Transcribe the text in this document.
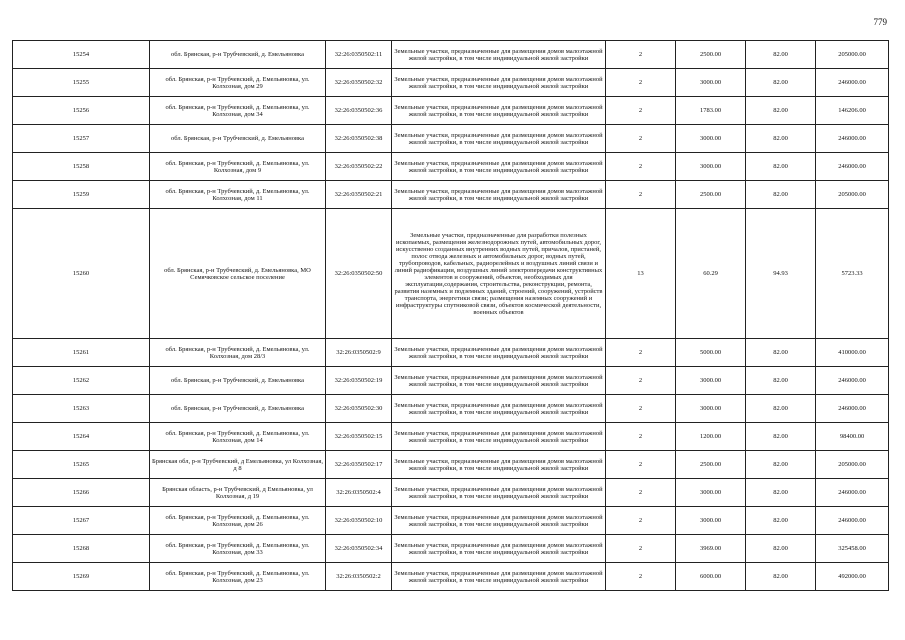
779
15254	обл. Брянская, р-н Трубчевский, д. Емельяновка	32:26:0350502:11	Земельные участки, предназначенные для размещения домов малоэтажной жилой застройки, в том числе индивидуальной жилой застройки	2	2500.00	82.00	205000.00
15255	обл. Брянская, р-н Трубчевский, д. Емельяновка, ул. Колхозная, дом 29	32:26:0350502:32	Земельные участки, предназначенные для размещения домов малоэтажной жилой застройки, в том числе индивидуальной жилой застройки	2	3000.00	82.00	246000.00
15256	обл. Брянская, р-н Трубчевский, д. Емельяновка, ул. Колхозная, дом 34	32:26:0350502:36	Земельные участки, предназначенные для размещения домов малоэтажной жилой застройки, в том числе индивидуальной жилой застройки	2	1783.00	82.00	146206.00
15257	обл. Брянская, р-н Трубчевский, д. Емельяновка	32:26:0350502:38	Земельные участки, предназначенные для размещения домов малоэтажной жилой застройки, в том числе индивидуальной жилой застройки	2	3000.00	82.00	246000.00
15258	обл. Брянская, р-н Трубчевский, д. Емельяновка, ул. Колхозная, дом 9	32:26:0350502:22	Земельные участки, предназначенные для размещения домов малоэтажной жилой застройки, в том числе индивидуальной жилой застройки	2	3000.00	82.00	246000.00
15259	обл. Брянская, р-н Трубчевский, д. Емельяновка, ул. Колхозная, дом 11	32:26:0350502:21	Земельные участки, предназначенные для размещения домов малоэтажной жилой застройки, в том числе индивидуальной жилой застройки	2	2500.00	82.00	205000.00
15260	обл. Брянская, р-н Трубчевский, д. Емельяновка, МО Семячковское сельское поселение	32:26:0350502:50	Земельные участки, предназначенные для разработки полезных ископаемых, размещения железнодорожных путей, автомобильных дорог, искусственно созданных внутренних водных путей, причалов, пристаней, полос отвода железных и автомобильных дорог, водных путей, трубопроводов, кабельных, радиорелейных и воздушных линий связи и линий радиофикации, воздушных линий электропередачи конструктивных элементов и сооружений, объектов, необходимых для эксплуатации,содержания, строительства, реконструкции, ремонта, развития наземных и подземных зданий, строений, сооружений, устройств транспорта, энергетики связи; размещения наземных сооружений и инфраструктуры спутниковой связи, объектов космической деятельности, военных объектов	13	60.29	94.93	5723.33
15261	обл. Брянская, р-н Трубчевский, д. Емельяновка, ул. Колхозная, дом 28/3	32:26:0350502:9	Земельные участки, предназначенные для размещения домов малоэтажной жилой застройки, в том числе индивидуальной жилой застройки	2	5000.00	82.00	410000.00
15262	обл. Брянская, р-н Трубчевский, д. Емельяновка	32:26:0350502:19	Земельные участки, предназначенные для размещения домов малоэтажной жилой застройки, в том числе индивидуальной жилой застройки	2	3000.00	82.00	246000.00
15263	обл. Брянская, р-н Трубчевский, д. Емельяновка	32:26:0350502:30	Земельные участки, предназначенные для размещения домов малоэтажной жилой застройки, в том числе индивидуальной жилой застройки	2	3000.00	82.00	246000.00
15264	обл. Брянская, р-н Трубчевский, д. Емельяновка, ул. Колхозная, дом 14	32:26:0350502:15	Земельные участки, предназначенные для размещения домов малоэтажной жилой застройки, в том числе индивидуальной жилой застройки	2	1200.00	82.00	98400.00
15265	Брянская обл, р-н Трубчевский, д Емельяновка, ул Колхозная, д 8	32:26:0350502:17	Земельные участки, предназначенные для размещения домов малоэтажной жилой застройки, в том числе индивидуальной жилой застройки	2	2500.00	82.00	205000.00
15266	Брянская область, р-н Трубчевский, д Емельяновка, ул Колхозная, д 19	32:26:0350502:4	Земельные участки, предназначенные для размещения домов малоэтажной жилой застройки, в том числе индивидуальной жилой застройки	2	3000.00	82.00	246000.00
15267	обл. Брянская, р-н Трубчевский, д. Емельяновка, ул. Колхозная, дом 26	32:26:0350502:10	Земельные участки, предназначенные для размещения домов малоэтажной жилой застройки, в том числе индивидуальной жилой застройки	2	3000.00	82.00	246000.00
15268	обл. Брянская, р-н Трубчевский, д. Емельяновка, ул. Колхозная, дом 33	32:26:0350502:34	Земельные участки, предназначенные для размещения домов малоэтажной жилой застройки, в том числе индивидуальной жилой застройки	2	3969.00	82.00	325458.00
15269	обл. Брянская, р-н Трубчевский, д. Емельяновка, ул. Колхозная, дом 23	32:26:0350502:2	Земельные участки, предназначенные для размещения домов малоэтажной жилой застройки, в том числе индивидуальной жилой застройки	2	6000.00	82.00	492000.00
